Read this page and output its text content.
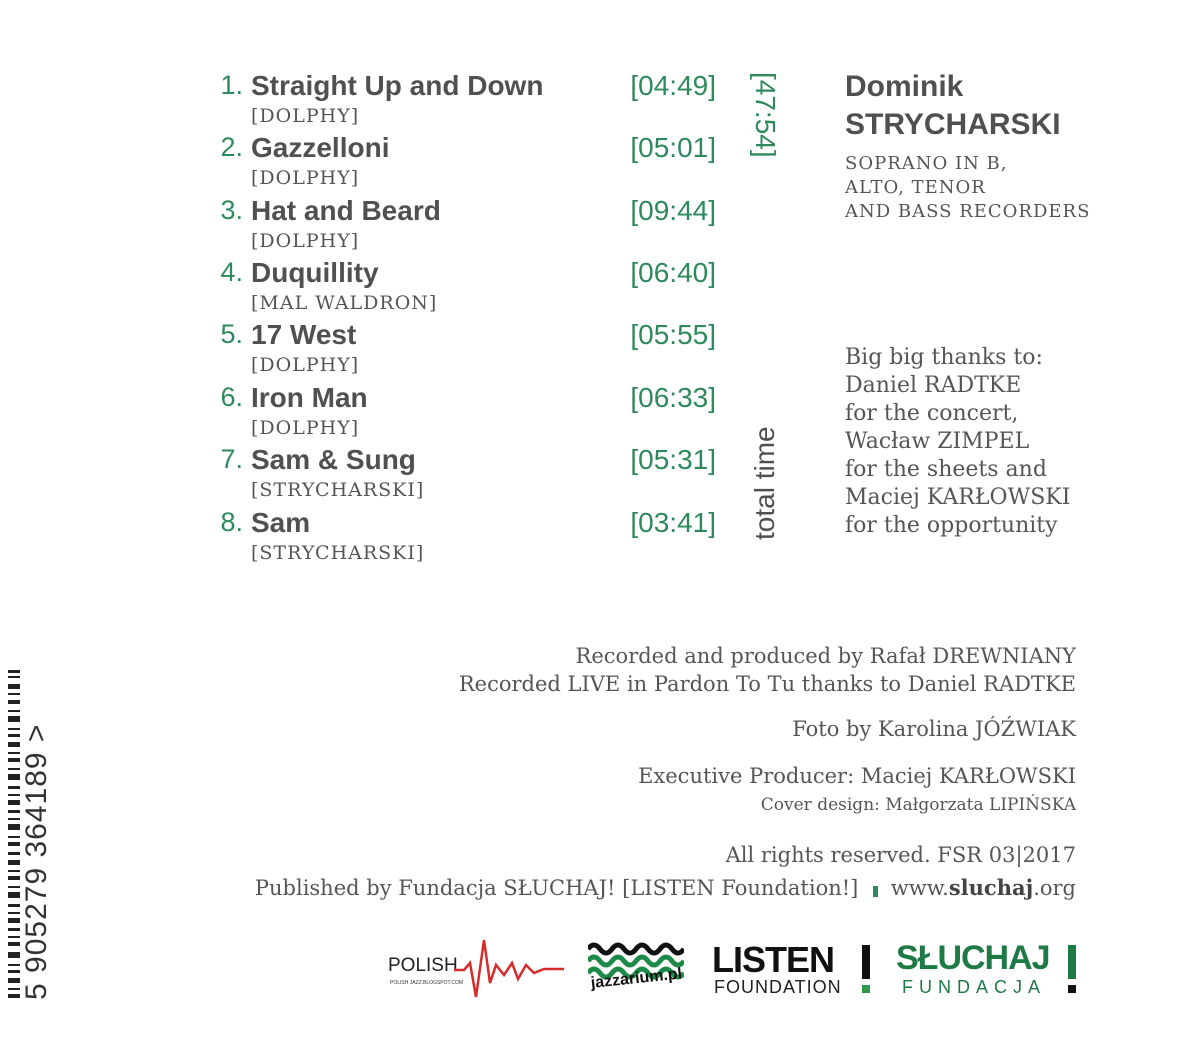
1. Straight Up and Down
[DOLPHY]
[04:49]
2. Gazzelloni
[DOLPHY]
[05:01]
3. Hat and Beard
[DOLPHY]
[09:44]
4. Duquillity
[MAL WALDRON]
[06:40]
5. 17 West
[DOLPHY]
[05:55]
6. Iron Man
[DOLPHY]
[06:33]
7. Sam & Sung
[STRYCHARSKI]
[05:31]
8. Sam
[STRYCHARSKI]
[03:41]
[47:54]
total time
Dominik
STRYCHARSKI
SOPRANO IN B,
ALTO, TENOR
AND BASS RECORDERS
Big big thanks to:
Daniel RADTKE
for the concert,
Wacław ZIMPEL
for the sheets and
Maciej KARŁOWSKI
for the opportunity
Recorded and produced by Rafał DREWNIANY
Recorded LIVE in Pardon To Tu thanks to Daniel RADTKE
Foto by Karolina JÓŹWIAK
Executive Producer: Maciej KARŁOWSKI
Cover design: Małgorzata LIPIŃSKA
All rights reserved. FSR 03|2017
Published by Fundacja SŁUCHAJ! [LISTEN Foundation!] www.sluchaj.org
5 905279 364189 >	POLISH
POLISH JAZZ.BLOGSPOT.COM	jazzarium.pl LISTEN
FOUNDATION
SŁUCHAJ
FUNDACJA
